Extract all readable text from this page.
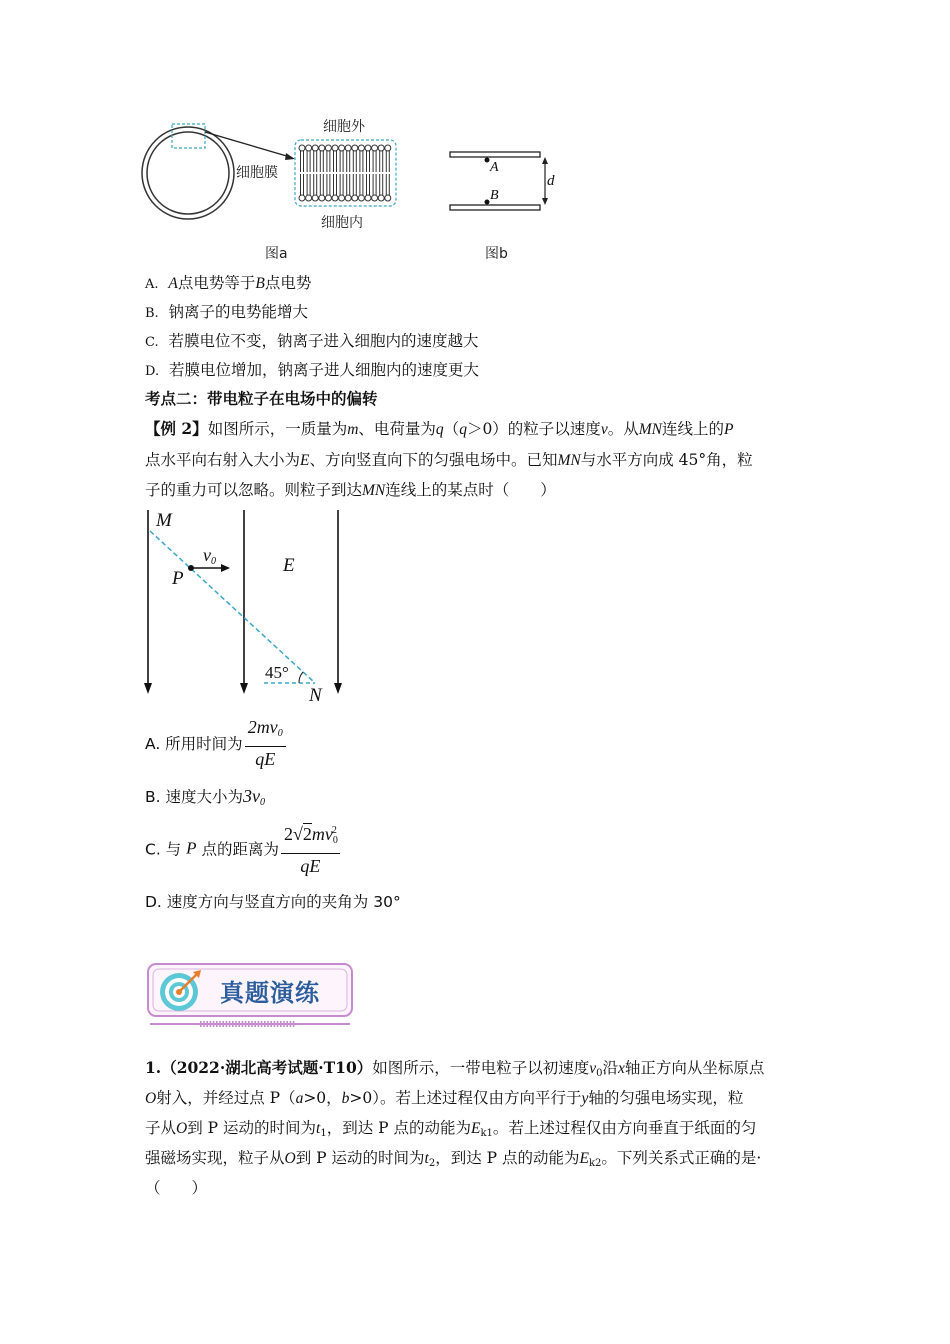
细胞外
细胞膜
细胞内
图a
A
B
d
图b
A. A点电势等于B点电势
B. 钠离子的电势能增大
C. 若膜电位不变，钠离子进入细胞内的速度越大
D. 若膜电位增加，钠离子进人细胞内的速度更大
考点二：带电粒子在电场中的偏转
【例 2】如图所示，一质量为m、电荷量为q（q＞0）的粒子以速度v。从MN连线上的P
点水平向右射入大小为E、方向竖直向下的匀强电场中。已知MN与水平方向成 45°角，粒
子的重力可以忽略。则粒子到达MN连线上的某点时（　　）
M
$v_0$
P
E
45°
N
A. 所用时间为 $\frac{2mv_0}{qE}$
B. 速度大小为$3v_0$
C. 与 P 点的距离为 $\frac{2√2mv_0^2}{qE}$
D. 速度方向与竖直方向的夹角为 30°
真题演练
1.（2022·湖北高考试题·T10）如图所示，一带电粒子以初速度$v_0$沿x轴正方向从坐标原点
O射入，并经过点 P（a>0，b>0）。若上述过程仅由方向平行于y轴的匀强电场实现，粒
子从O到 P 运动的时间为$t_1$，到达 P 点的动能为$E_{k1}$。若上述过程仅由方向垂直于纸面的匀
强磁场实现，粒子从O到 P 运动的时间为$t_2$，到达 P 点的动能为$E_{k2}$。下列关系式正确的是·
（　　）
